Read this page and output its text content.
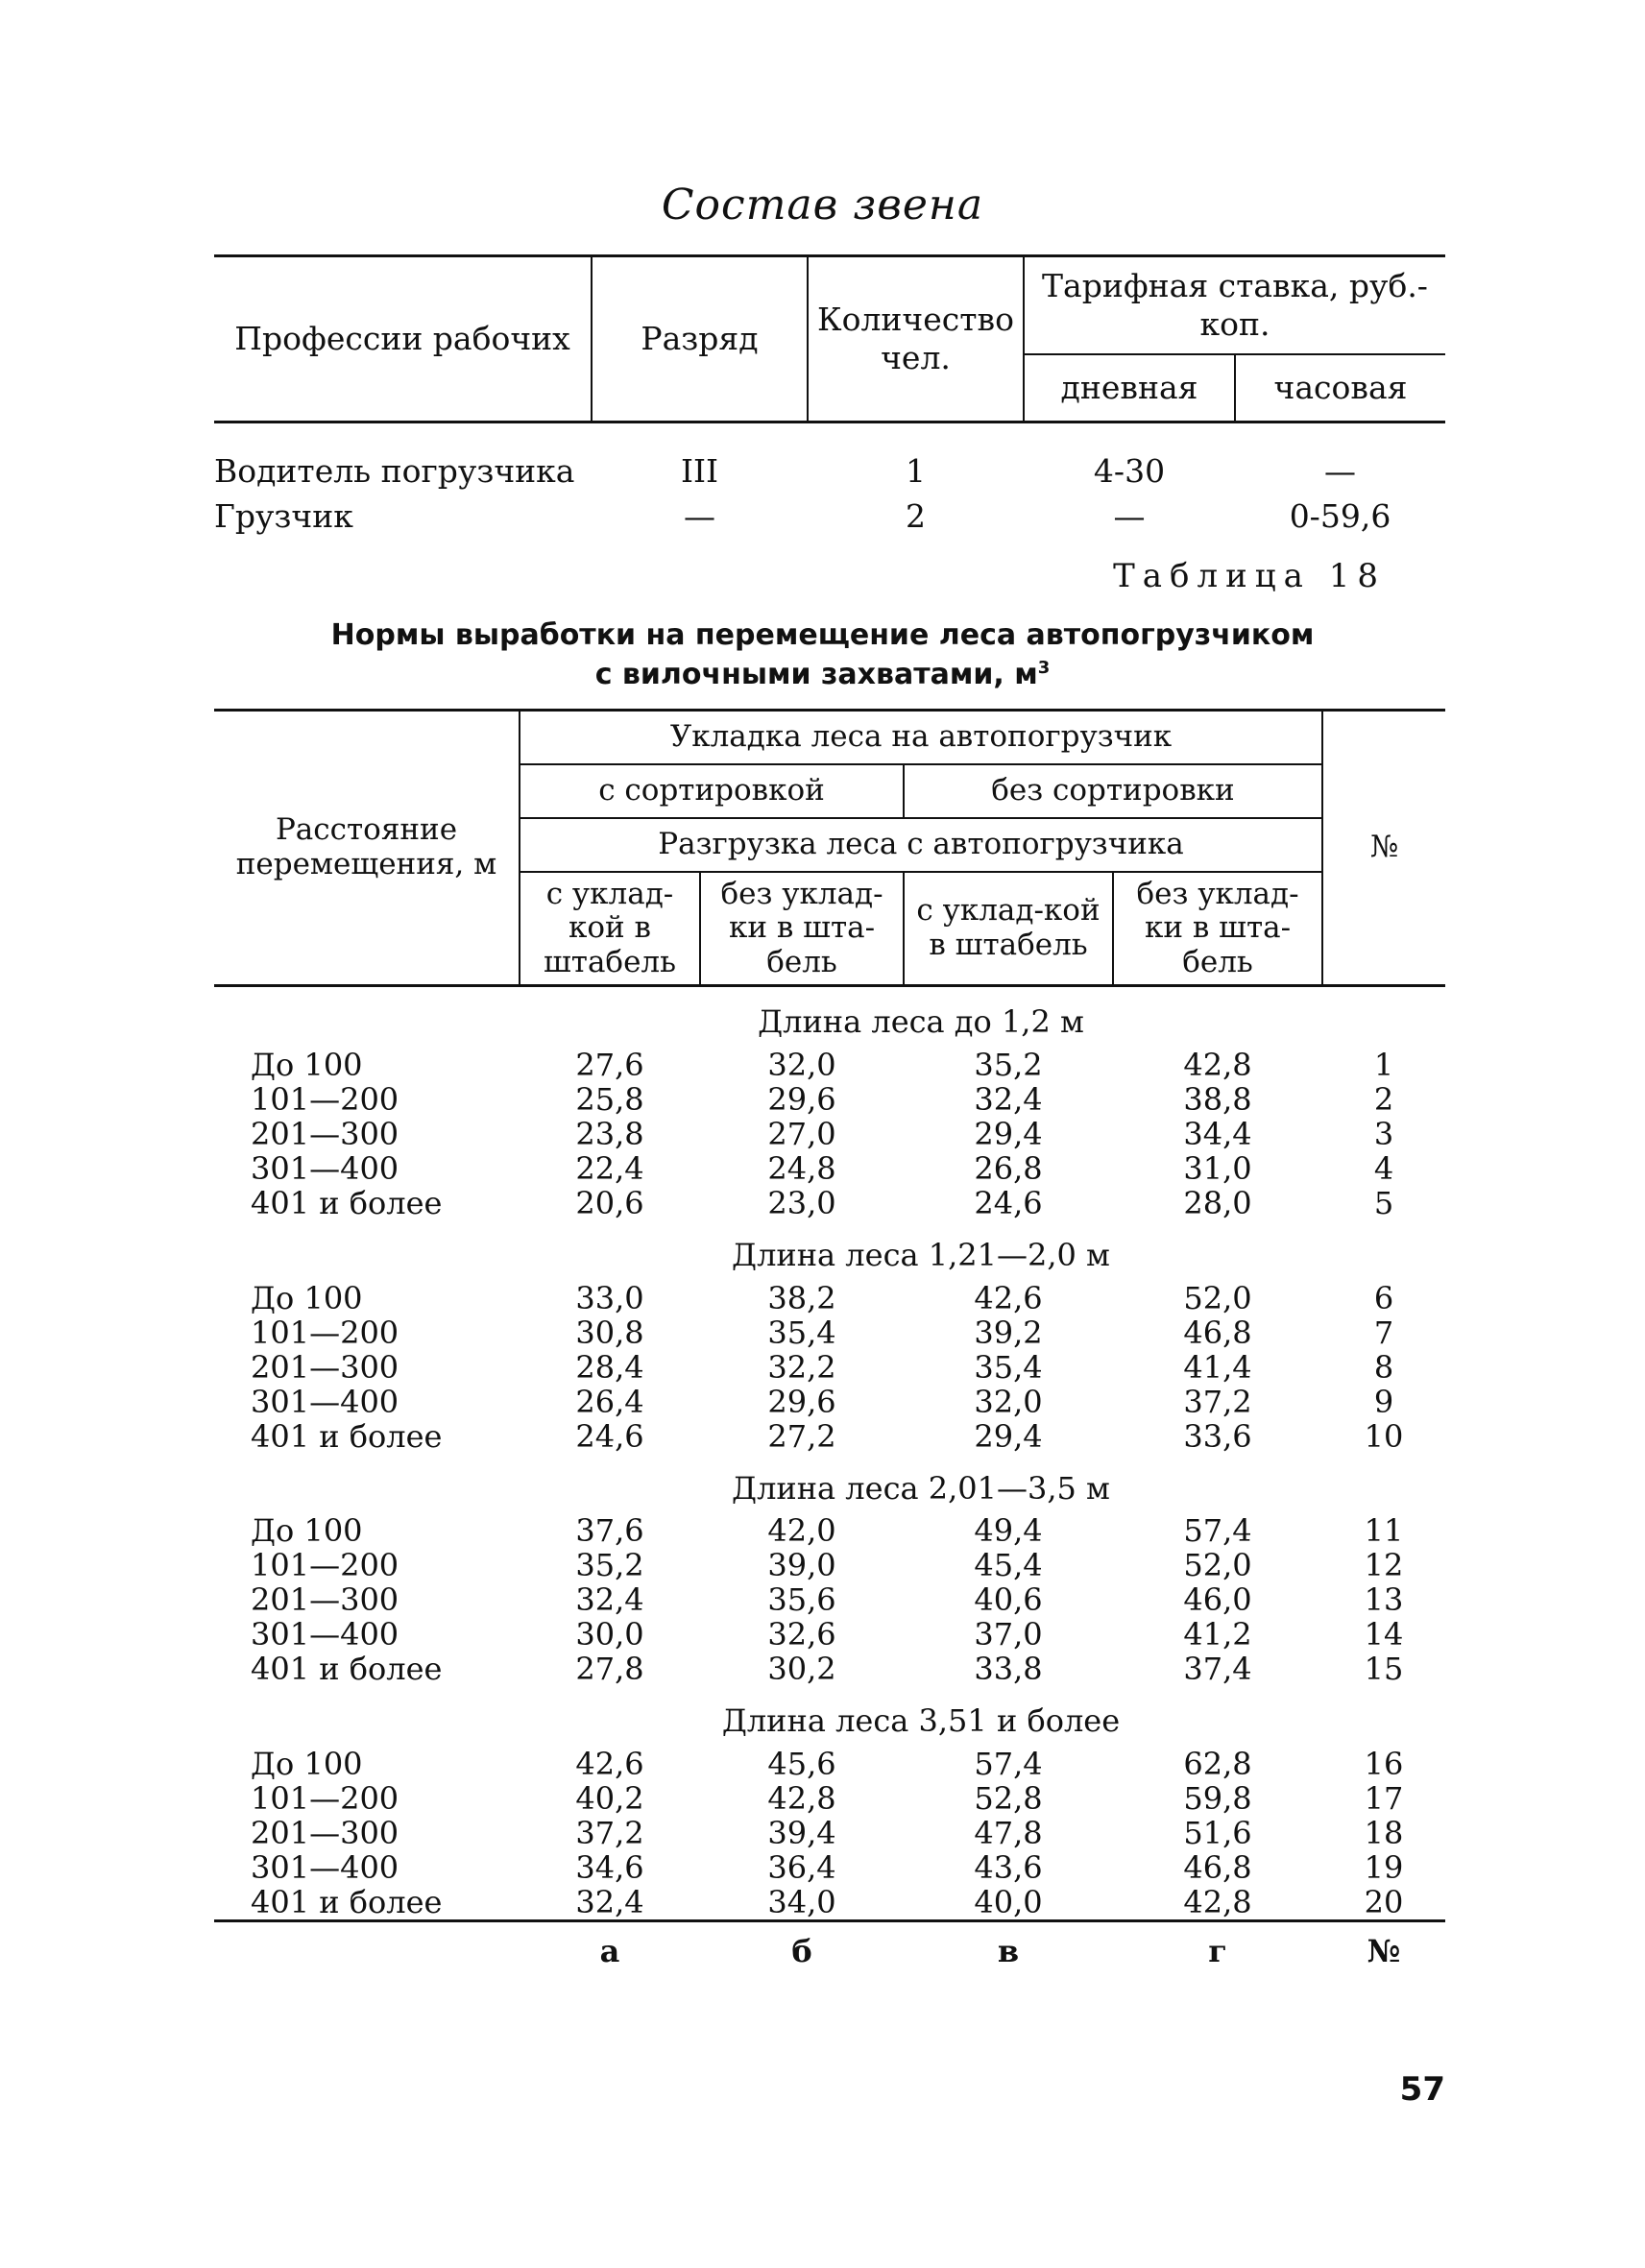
Состав звена
Профессии рабочих	Разряд	Количество чел.	Тарифная ставка, руб.-коп.	
			дневная	часовая
Водитель погрузчика	III	1	4-30	—
Грузчик	—	2	—	0-59,6
Таблица 18
Нормы выработки на перемещение леса автопогрузчиком
с вилочными захватами, $м^3$
Расстояние перемещения, м	Укладка леса на автопогрузчик				№
	с сортировкой		без сортировки		
	Разгрузка леса с автопогрузчика				
	с уклад-кой в штабель	без уклад-ки в шта-бель	с уклад-кой в штабель	без уклад-ки в шта-бель	
	Длина леса до 1,2 м				
До 100	27,6	32,0	35,2	42,8	1
101—200	25,8	29,6	32,4	38,8	2
201—300	23,8	27,0	29,4	34,4	3
301—400	22,4	24,8	26,8	31,0	4
401 и более	20,6	23,0	24,6	28,0	5
	Длина леса 1,21—2,0 м				
До 100	33,0	38,2	42,6	52,0	6
101—200	30,8	35,4	39,2	46,8	7
201—300	28,4	32,2	35,4	41,4	8
301—400	26,4	29,6	32,0	37,2	9
401 и более	24,6	27,2	29,4	33,6	10
	Длина леса 2,01—3,5 м				
До 100	37,6	42,0	49,4	57,4	11
101—200	35,2	39,0	45,4	52,0	12
201—300	32,4	35,6	40,6	46,0	13
301—400	30,0	32,6	37,0	41,2	14
401 и более	27,8	30,2	33,8	37,4	15
	Длина леса 3,51 и более				
До 100	42,6	45,6	57,4	62,8	16
101—200	40,2	42,8	52,8	59,8	17
201—300	37,2	39,4	47,8	51,6	18
301—400	34,6	36,4	43,6	46,8	19
401 и более	32,4	34,0	40,0	42,8	20
	а	б	в	г	№
57
